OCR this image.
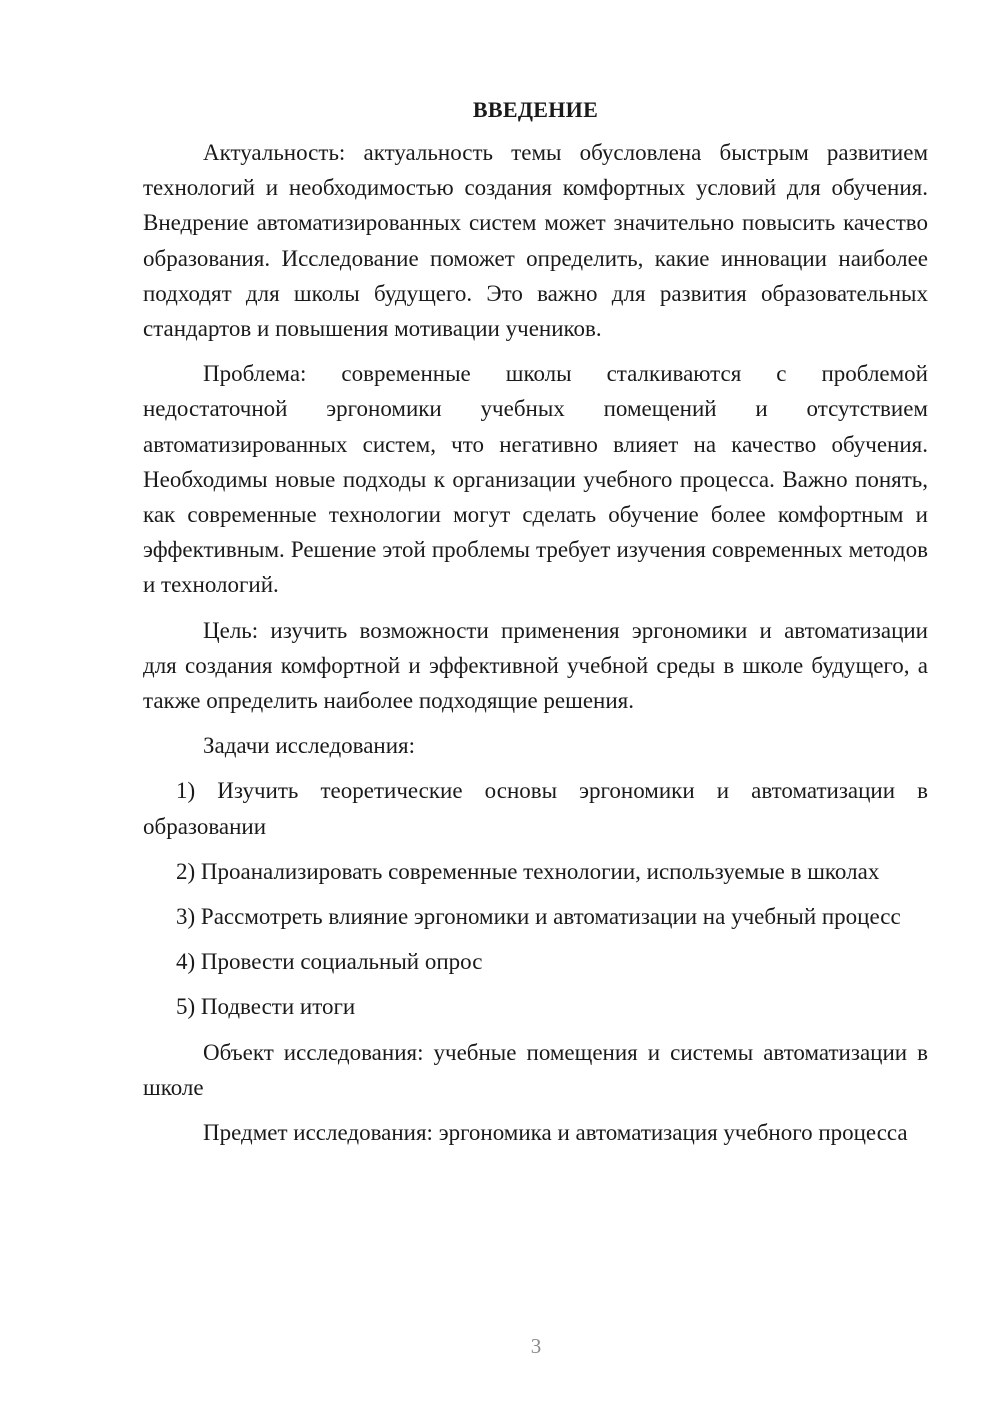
ВВЕДЕНИЕ

Актуальность: актуальность темы обусловлена быстрым развитием технологий и необходимостью создания комфортных условий для обучения. Внедрение автоматизированных систем может значительно повысить качество образования. Исследование поможет определить, какие инновации наиболее подходят для школы будущего. Это важно для развития образовательных стандартов и повышения мотивации учеников.

Проблема: современные школы сталкиваются с проблемой недостаточной эргономики учебных помещений и отсутствием автоматизированных систем, что негативно влияет на качество обучения. Необходимы новые подходы к организации учебного процесса. Важно понять, как современные технологии могут сделать обучение более комфортным и эффективным. Решение этой проблемы требует изучения современных методов и технологий.

Цель: изучить возможности применения эргономики и автоматизации для создания комфортной и эффективной учебной среды в школе будущего, а также определить наиболее подходящие решения.

Задачи исследования:

1) Изучить теоретические основы эргономики и автоматизации в образовании

2) Проанализировать современные технологии, используемые в школах

3) Рассмотреть влияние эргономики и автоматизации на учебный процесс

4) Провести социальный опрос

5) Подвести итоги

Объект исследования: учебные помещения и системы автоматизации в школе

Предмет исследования: эргономика и автоматизация учебного процесса

3
